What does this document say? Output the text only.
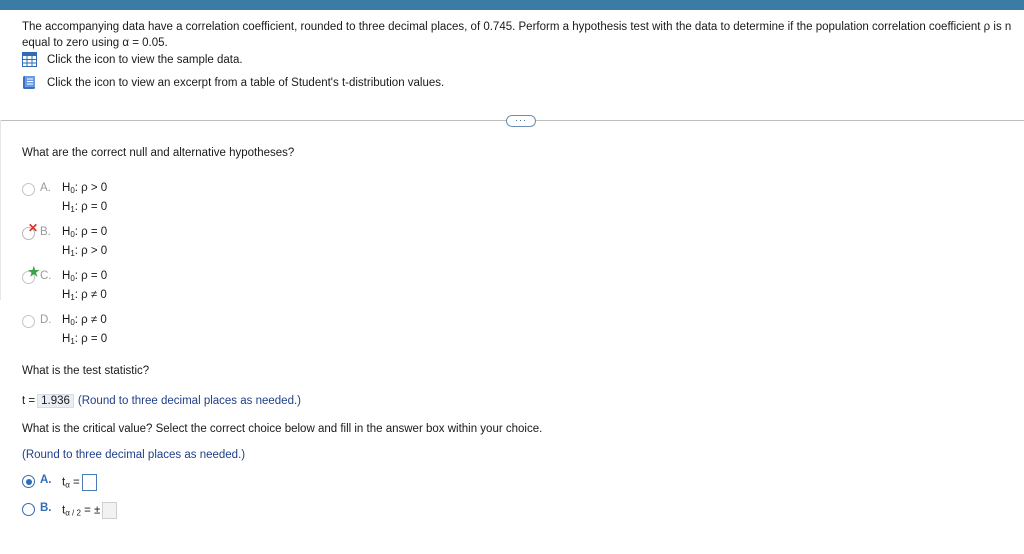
The accompanying data have a correlation coefficient, rounded to three decimal places, of 0.745. Perform a hypothesis test with the data to determine if the population correlation coefficient ρ is n
equal to zero using α = 0.05.
Click the icon to view the sample data.
Click the icon to view an excerpt from a table of Student's t-distribution values.
···
What are the correct null and alternative hypotheses?
A. $H_0$: ρ > 0
$H_1$: ρ = 0
✕ B. $H_0$: ρ = 0
$H_1$: ρ > 0
★ C. $H_0$: ρ = 0
$H_1$: ρ ≠ 0
D. $H_0$: ρ ≠ 0
$H_1$: ρ = 0
What is the test statistic?
t = 1.936 (Round to three decimal places as needed.)
What is the critical value? Select the correct choice below and fill in the answer box within your choice.
(Round to three decimal places as needed.)
A. $t_\alpha$ =
B. $t_{\alpha / 2}$ = ±
